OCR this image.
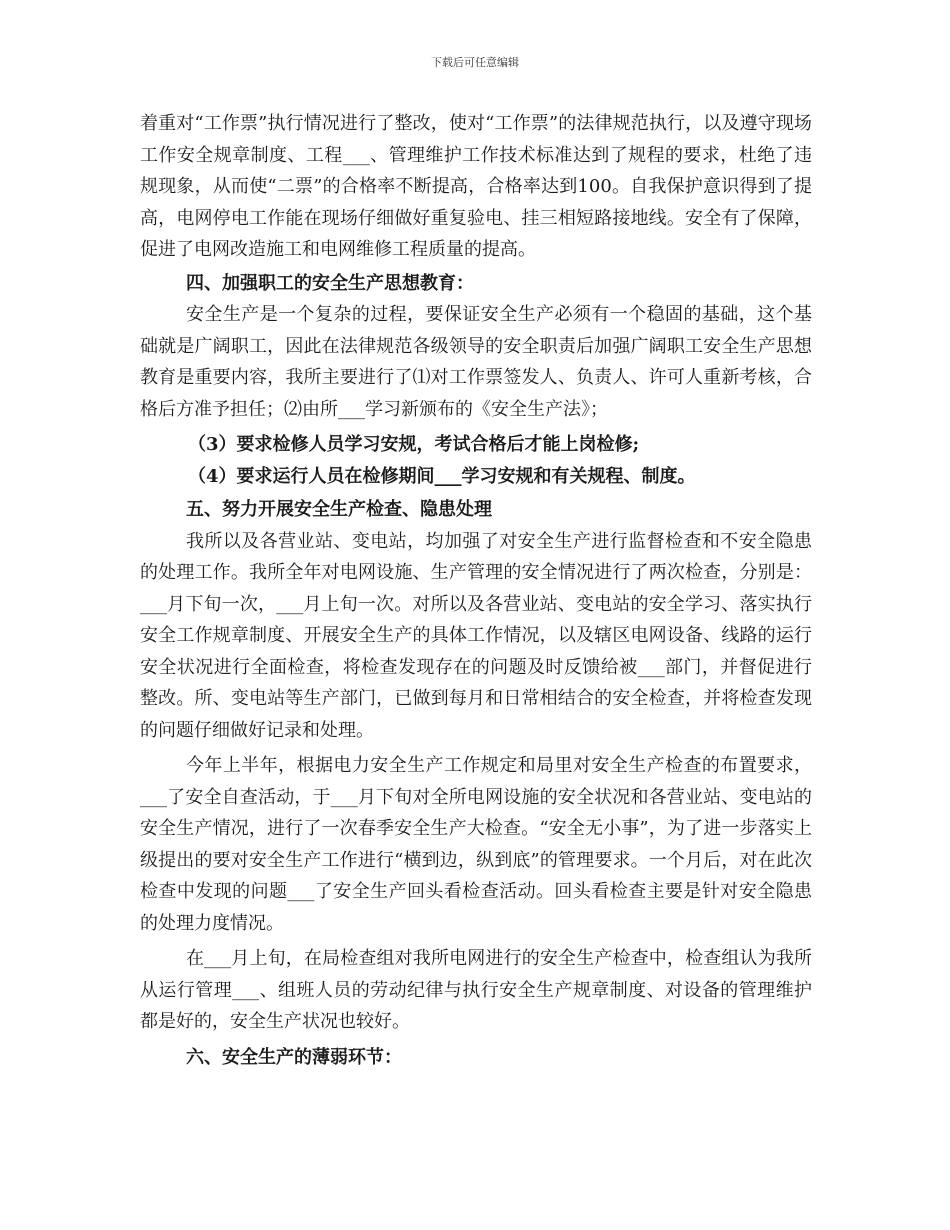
下载后可任意编辑

着重对“工作票”执行情况进行了整改，使对“工作票”的法律规范执行，以及遵守现场工作安全规章制度、工程___、管理维护工作技术标准达到了规程的要求，杜绝了违规现象，从而使“二票”的合格率不断提高，合格率达到100。自我保护意识得到了提高，电网停电工作能在现场仔细做好重复验电、挂三相短路接地线。安全有了保障，促进了电网改造施工和电网维修工程质量的提高。

四、加强职工的安全生产思想教育：

安全生产是一个复杂的过程，要保证安全生产必须有一个稳固的基础，这个基础就是广阔职工，因此在法律规范各级领导的安全职责后加强广阔职工安全生产思想教育是重要内容，我所主要进行了⑴对工作票签发人、负责人、许可人重新考核，合格后方准予担任；⑵由所___学习新颁布的《安全生产法》；

（3）要求检修人员学习安规，考试合格后才能上岗检修;

（4）要求运行人员在检修期间___学习安规和有关规程、制度。

五、努力开展安全生产检查、隐患处理

我所以及各营业站、变电站，均加强了对安全生产进行监督检查和不安全隐患的处理工作。我所全年对电网设施、生产管理的安全情况进行了两次检查，分别是：___月下旬一次，___月上旬一次。对所以及各营业站、变电站的安全学习、落实执行安全工作规章制度、开展安全生产的具体工作情况，以及辖区电网设备、线路的运行安全状况进行全面检查，将检查发现存在的问题及时反馈给被___部门，并督促进行整改。所、变电站等生产部门，已做到每月和日常相结合的安全检查，并将检查发现的问题仔细做好记录和处理。

今年上半年，根据电力安全生产工作规定和局里对安全生产检查的布置要求，___了安全自查活动，于___月下旬对全所电网设施的安全状况和各营业站、变电站的安全生产情况，进行了一次春季安全生产大检查。“安全无小事”，为了进一步落实上级提出的要对安全生产工作进行“横到边，纵到底”的管理要求。一个月后，对在此次检查中发现的问题___了安全生产回头看检查活动。回头看检查主要是针对安全隐患的处理力度情况。

在___月上旬，在局检查组对我所电网进行的安全生产检查中，检查组认为我所从运行管理___、组班人员的劳动纪律与执行安全生产规章制度、对设备的管理维护都是好的，安全生产状况也较好。

六、安全生产的薄弱环节：
